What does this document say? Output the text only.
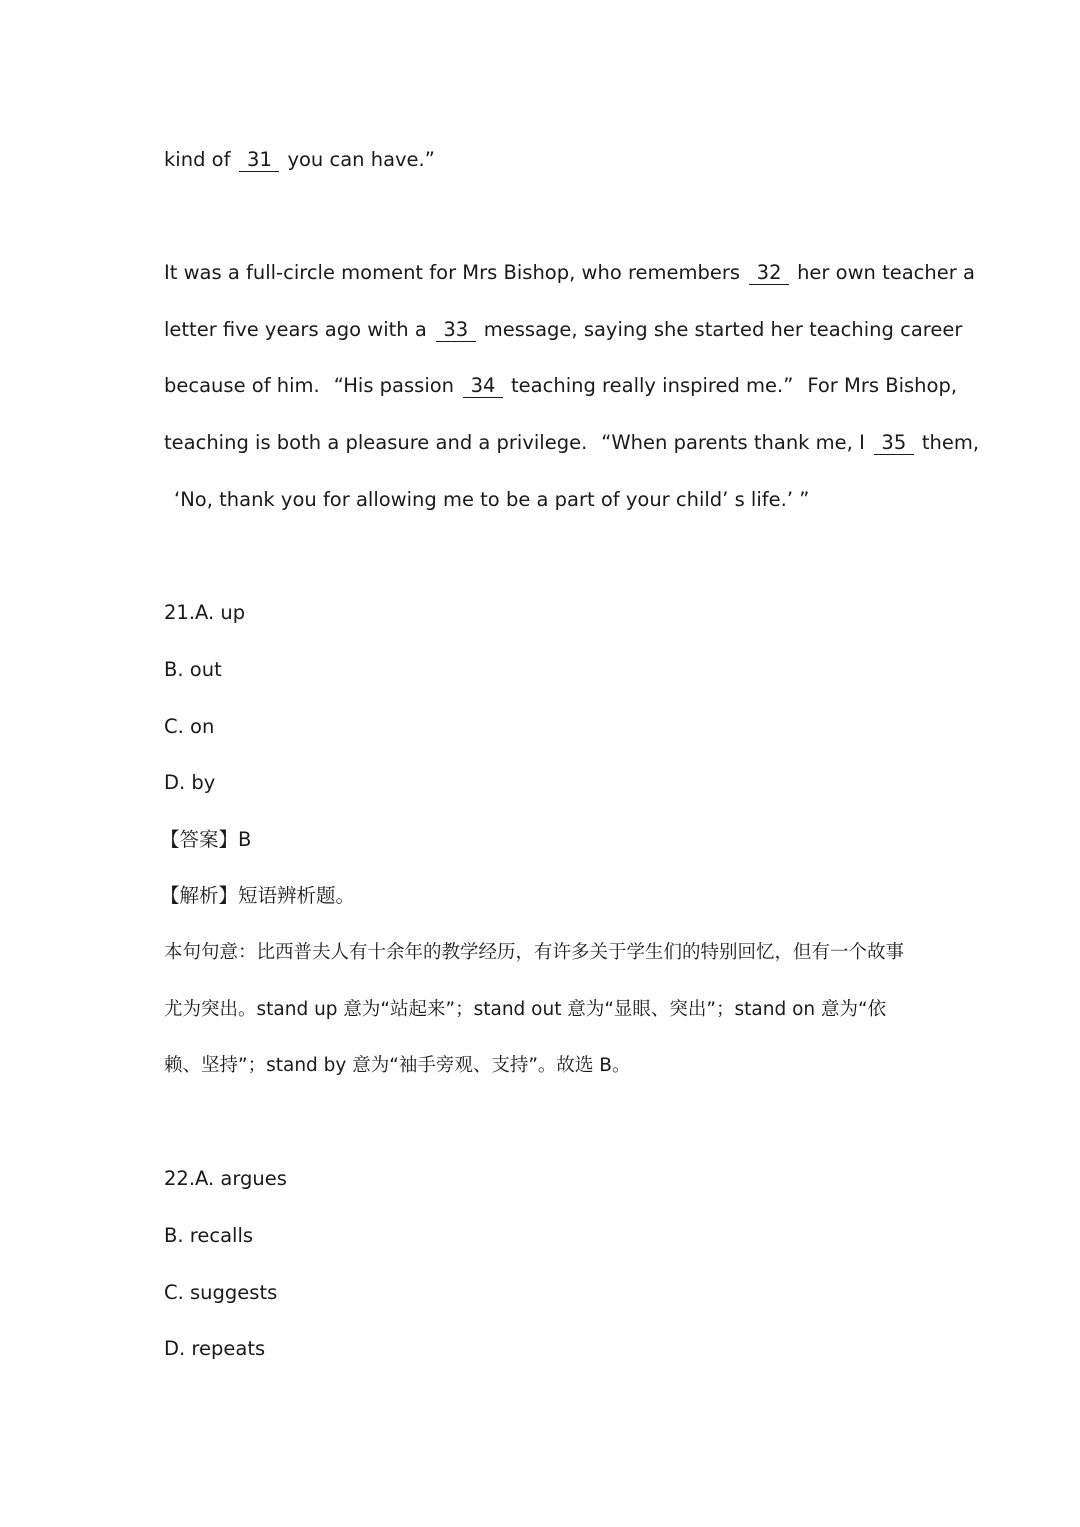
kind of 31 you can have.”
It was a full-circle moment for Mrs Bishop, who remembers 32 her own teacher a
letter five years ago with a 33 message, saying she started her teaching career
because of him. “His passion 34 teaching really inspired me.” For Mrs Bishop,
teaching is both a pleasure and a privilege. “When parents thank me, I 35 them,
‘No, thank you for allowing me to be a part of your child’ s life.’ ”
21.A. up
B. out
C. on
D. by
【答案】B
【解析】短语辨析题。
本句句意：比西普夫人有十余年的教学经历，有许多关于学生们的特别回忆，但有一个故事
尤为突出。stand up 意为“站起来”；stand out 意为“显眼、突出”；stand on 意为“依
赖、坚持”；stand by 意为“袖手旁观、支持”。故选 B。
22.A. argues
B. recalls
C. suggests
D. repeats
